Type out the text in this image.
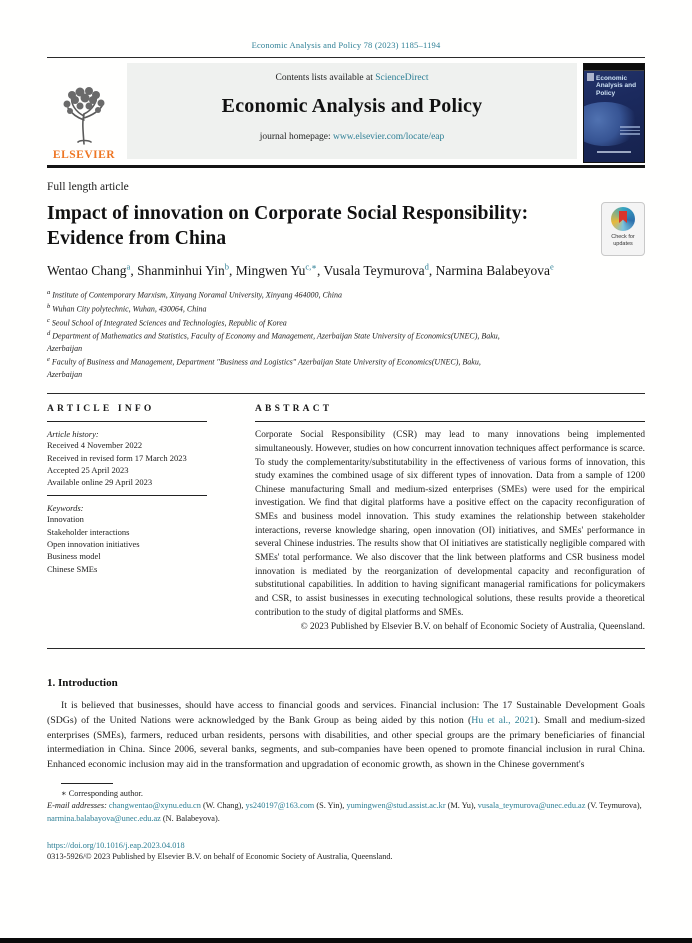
Economic Analysis and Policy 78 (2023) 1185–1194
ELSEVIER
Contents lists available at ScienceDirect
Economic Analysis and Policy
journal homepage: www.elsevier.com/locate/eap
Economic Analysis and Policy
Full length article
Check for
updates
Impact of innovation on Corporate Social Responsibility: Evidence from China
Wentao Chang$^a$, Shanminhui Yin$^b$, Mingwen $Yu^{c,∗}$, Vusala Teymurova$^d$, Narmina Balabeyova$^e$
$^a$ Institute of Contemporary Marxism, Xinyang Noramal University, Xinyang 464000, China
$^b$ Wuhan City polytechnic, Wuhan, 430064, China
$^c$ Seoul School of Integrated Sciences and Technologies, Republic of Korea
$^d$ Department of Mathematics and Statistics, Faculty of Economy and Management, Azerbaijan State University of Economics(UNEC), Baku, Azerbaijan
$^e$ Faculty of Business and Management, Department "Business and Logistics" Azerbaijan State University of Economics(UNEC), Baku, Azerbaijan
ARTICLE INFO
Article history:
Received 4 November 2022
Received in revised form 17 March 2023
Accepted 25 April 2023
Available online 29 April 2023
Keywords:
Innovation
Stakeholder interactions
Open innovation initiatives
Business model
Chinese SMEs
ABSTRACT
Corporate Social Responsibility (CSR) may lead to many innovations being implemented simultaneously. However, studies on how concurrent innovation techniques affect performance is scarce. To study the complementarity/substitutability in the effectiveness of various forms of innovation, this study examines the combined usage of six different types of innovation. Data from a sample of 1200 Chinese manufacturing Small and medium-sized enterprises (SMEs) were used for the empirical investigation. We find that digital platforms have a positive effect on the capacity reconfiguration of SMEs and business model innovation. This study examines the relationship between stakeholder interactions, reverse knowledge sharing, open innovation (OI) initiatives, and SMEs' performance in several Chinese industries. The results show that OI initiatives are statistically negligible compared with SMEs' total performance. We also discover that the link between platforms and CSR business model innovation is mediated by the reorganization of developmental capacity and reconfiguration of substitutional capabilities. In addition to having significant managerial ramifications for policymakers and CSR, to assist businesses in executing technological solutions, these results provide a theoretical contribution to the study of digital platforms and SMEs.
© 2023 Published by Elsevier B.V. on behalf of Economic Society of Australia, Queensland.
1. Introduction

It is believed that businesses, should have access to financial goods and services. Financial inclusion: The 17 Sustainable Development Goals (SDGs) of the United Nations were acknowledged by the Bank Group as being aided by this notion (Hu et al., 2021). Small and medium-sized enterprises (SMEs), farmers, reduced urban residents, persons with disabilities, and other special groups are the primary beneficiaries of financial intermediation in China. Since 2006, several banks, segments, and sub-companies have been opened to promote financial inclusion in rural China. Enhanced economic inclusion may aid in the transformation and upgradation of economic growth, as shown in the Chinese government's

∗ Corresponding author.
E-mail addresses: changwentao@xynu.edu.cn (W. Chang), ys240197@163.com (S. Yin), yumingwen@stud.assist.ac.kr (M. Yu), vusala_teymurova@unec.edu.az (V. Teymurova), narmina.balabayova@unec.edu.az (N. Balabeyova).
https://doi.org/10.1016/j.eap.2023.04.018
0313-5926/© 2023 Published by Elsevier B.V. on behalf of Economic Society of Australia, Queensland.
